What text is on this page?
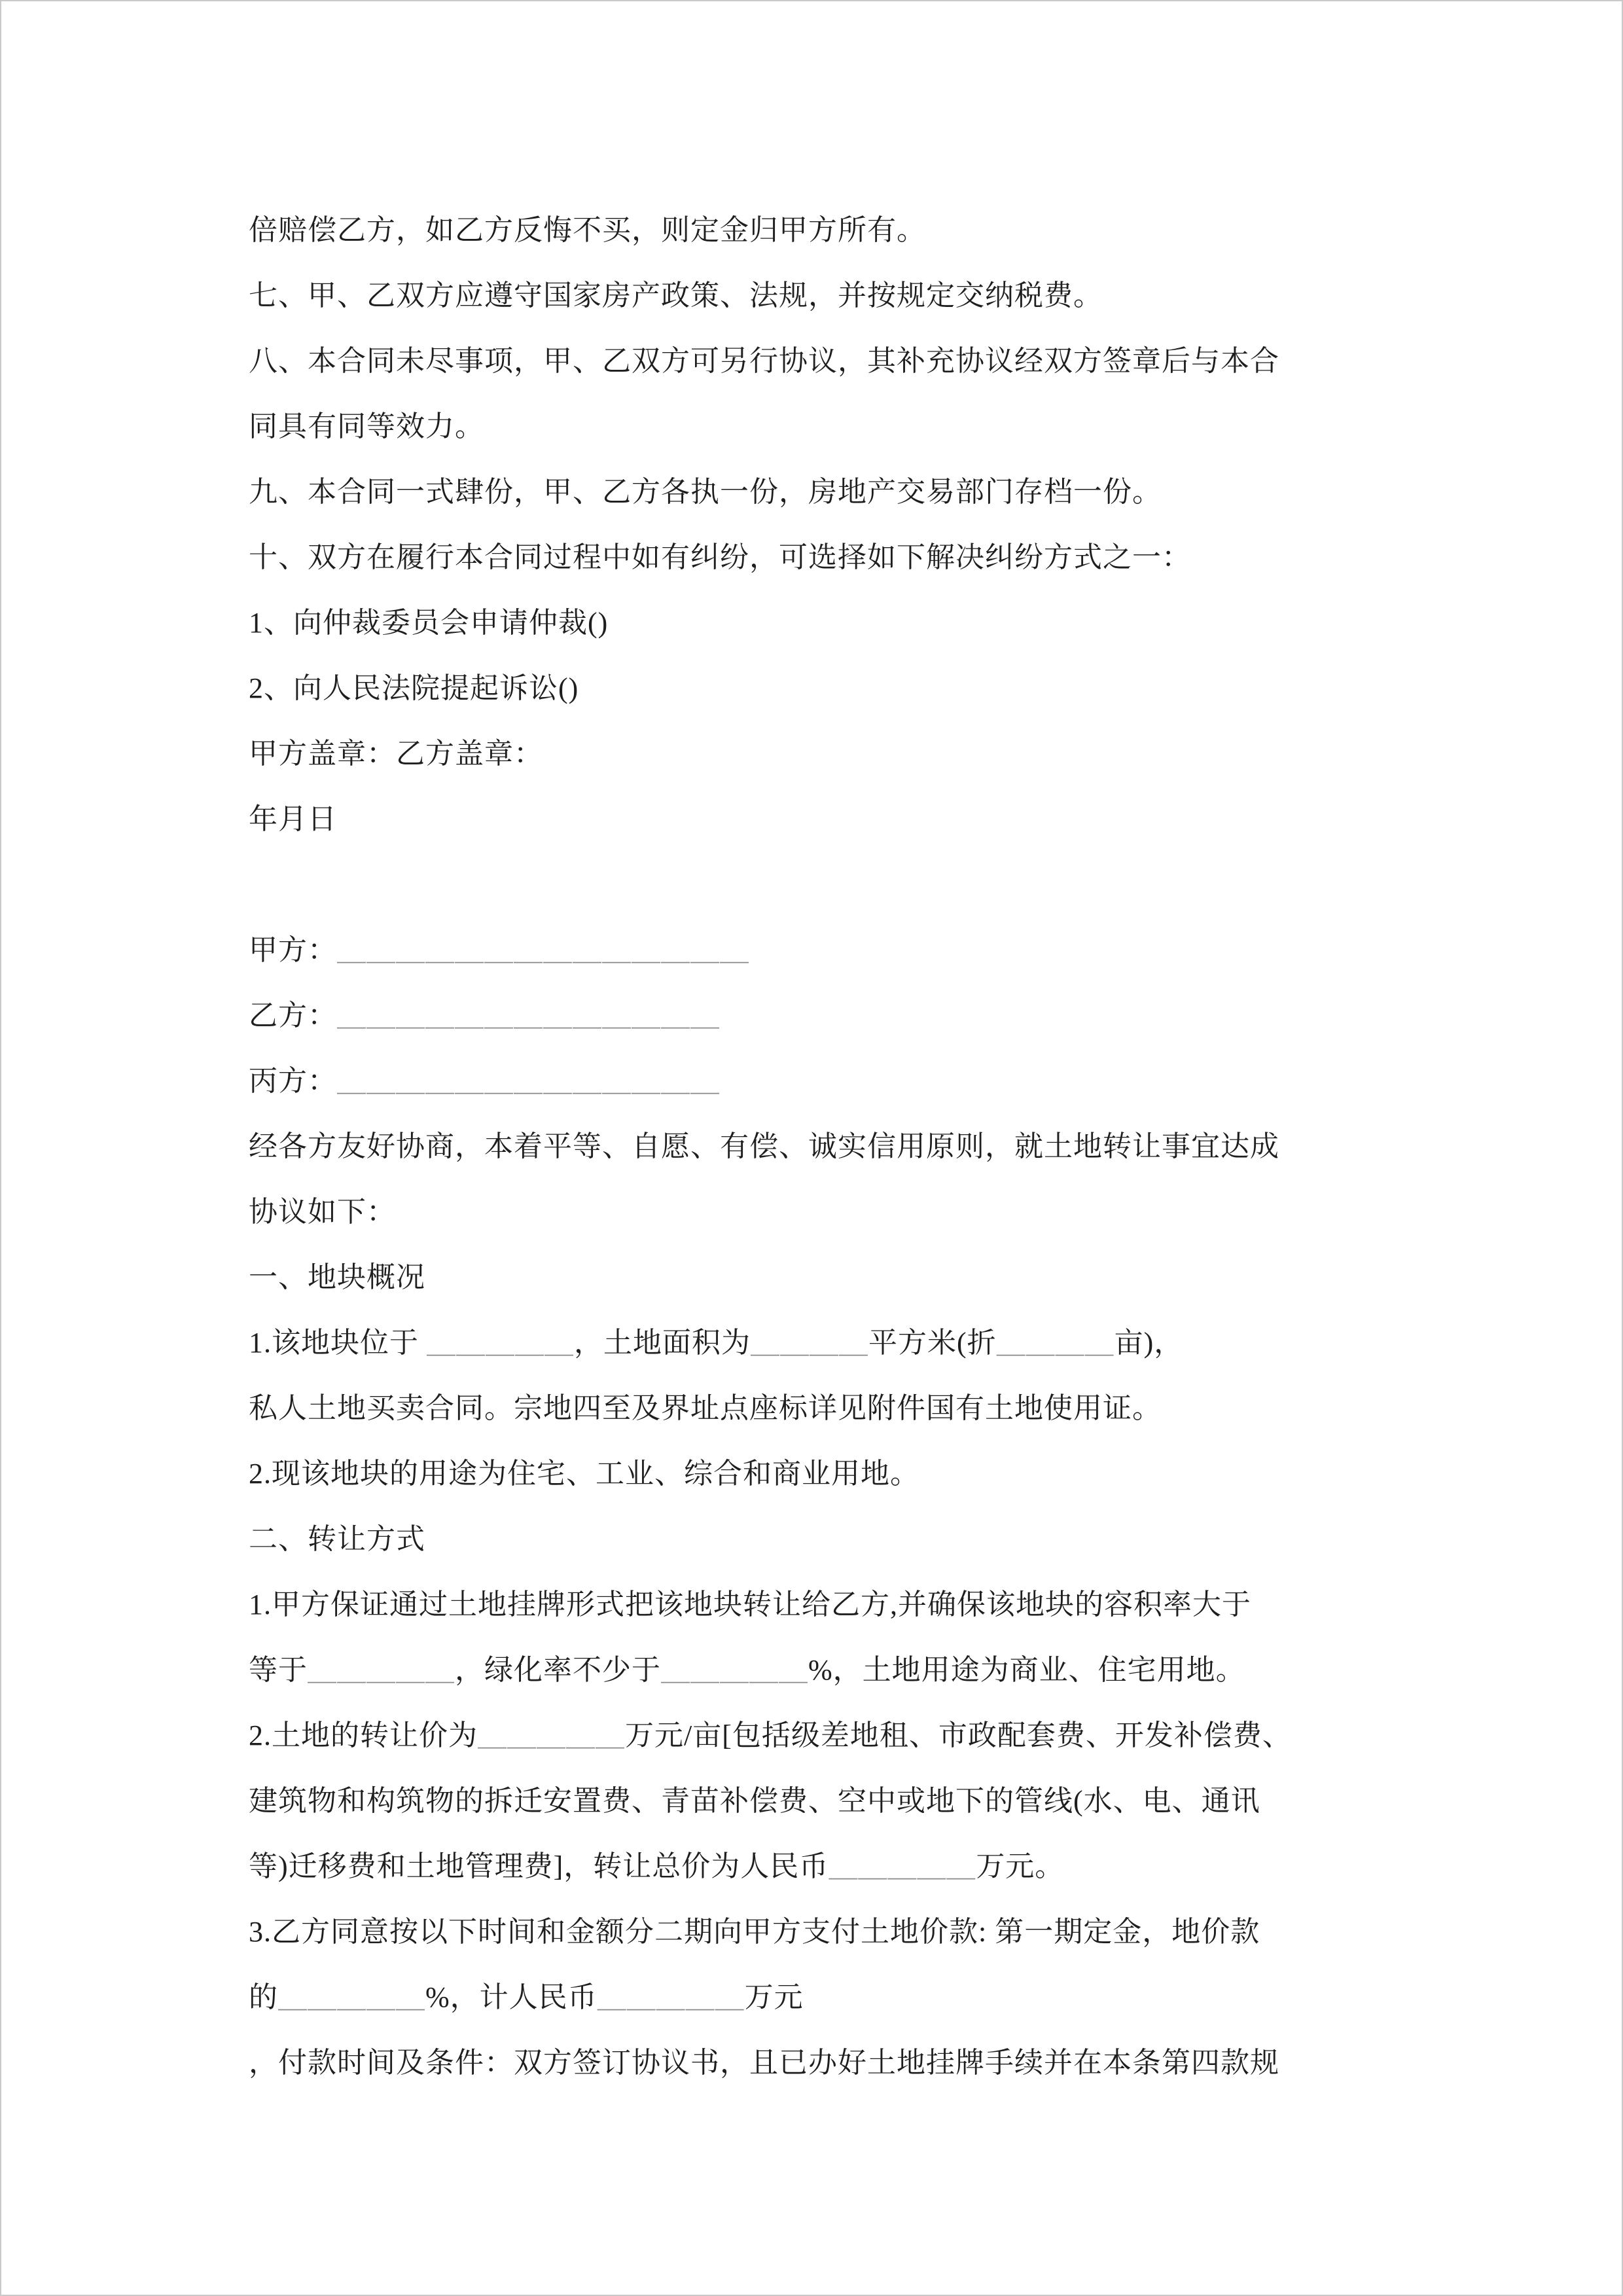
倍赔偿乙方，如乙方反悔不买，则定金归甲方所有。
七、甲、乙双方应遵守国家房产政策、法规，并按规定交纳税费。
八、本合同未尽事项，甲、乙双方可另行协议，其补充协议经双方签章后与本合
同具有同等效力。
九、本合同一式肆份，甲、乙方各执一份，房地产交易部门存档一份。
十、双方在履行本合同过程中如有纠纷，可选择如下解决纠纷方式之一：
1、向仲裁委员会申请仲裁()
2、向人民法院提起诉讼()
甲方盖章：乙方盖章：
年月日
甲方：＿＿＿＿＿＿＿＿＿＿＿＿＿＿
乙方：＿＿＿＿＿＿＿＿＿＿＿＿＿
丙方：＿＿＿＿＿＿＿＿＿＿＿＿＿
经各方友好协商，本着平等、自愿、有偿、诚实信用原则，就土地转让事宜达成
协议如下：
一、地块概况
1.该地块位于 ＿＿＿＿＿，土地面积为＿＿＿＿平方米(折＿＿＿＿亩)，
私人土地买卖合同。宗地四至及界址点座标详见附件国有土地使用证。
2.现该地块的用途为住宅、工业、综合和商业用地。
二、转让方式
1.甲方保证通过土地挂牌形式把该地块转让给乙方,并确保该地块的容积率大于
等于＿＿＿＿＿，绿化率不少于＿＿＿＿＿%，土地用途为商业、住宅用地。
2.土地的转让价为＿＿＿＿＿万元/亩[包括级差地租、市政配套费、开发补偿费、
建筑物和构筑物的拆迁安置费、青苗补偿费、空中或地下的管线(水、电、通讯
等)迁移费和土地管理费]，转让总价为人民币＿＿＿＿＿万元。
3.乙方同意按以下时间和金额分二期向甲方支付土地价款: 第一期定金，地价款
的＿＿＿＿＿%，计人民币＿＿＿＿＿万元
，付款时间及条件：双方签订协议书，且已办好土地挂牌手续并在本条第四款规
